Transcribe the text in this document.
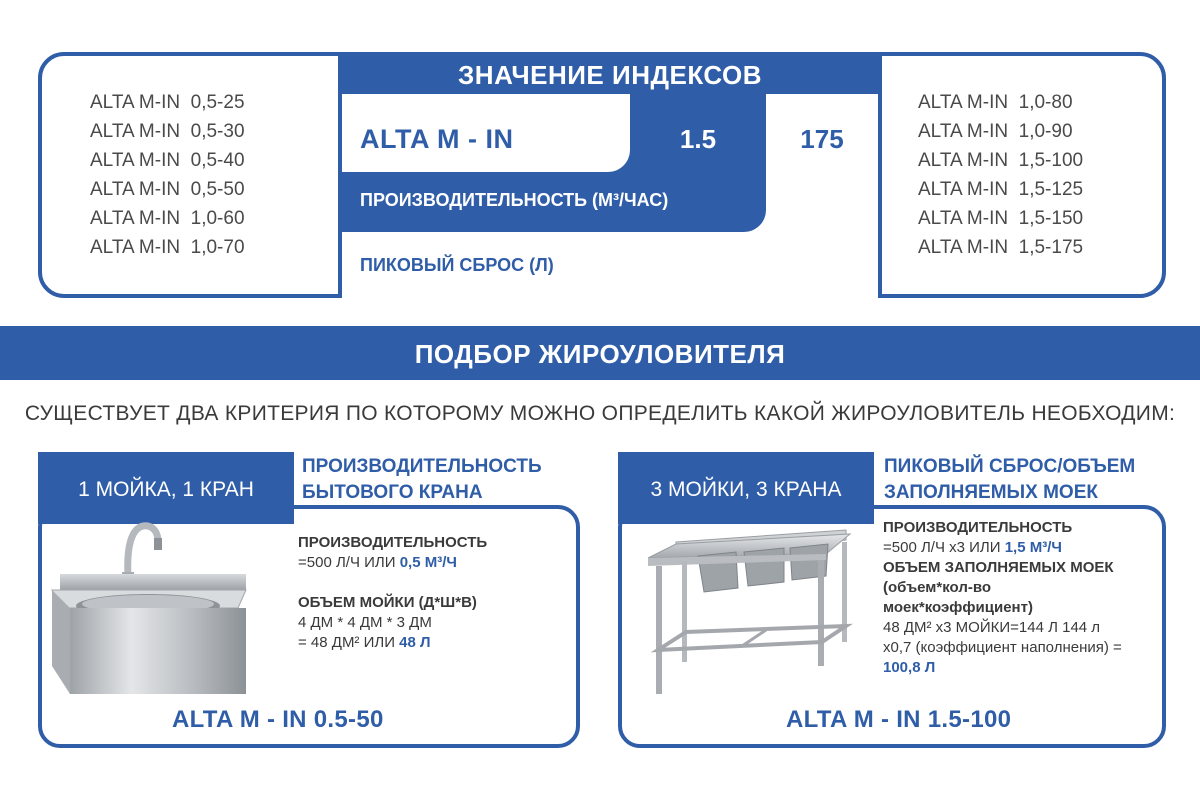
ALTA M-IN  0,5-25
ALTA M-IN  0,5-30
ALTA M-IN  0,5-40
ALTA M-IN  0,5-50
ALTA M-IN  1,0-60
ALTA M-IN  1,0-70
ЗНАЧЕНИЕ ИНДЕКСОВ
ALTA M - IN	1.5	175
ПРОИЗВОДИТЕЛЬНОСТЬ (М³/ЧАС)
ПИКОВЫЙ СБРОС (Л)
ALTA M-IN  1,0-80
ALTA M-IN  1,0-90
ALTA M-IN  1,5-100
ALTA M-IN  1,5-125
ALTA M-IN  1,5-150
ALTA M-IN  1,5-175
ПОДБОР ЖИРОУЛОВИТЕЛЯ
СУЩЕСТВУЕТ ДВА КРИТЕРИЯ ПО КОТОРОМУ МОЖНО ОПРЕДЕЛИТЬ КАКОЙ ЖИРОУЛОВИТЕЛЬ НЕОБХОДИМ:
1 МОЙКА, 1 КРАН
ПРОИЗВОДИТЕЛЬНОСТЬ
БЫТОВОГО КРАНА
ПРОИЗВОДИТЕЛЬНОСТЬ
=500 Л/Ч ИЛИ 0,5 М³/Ч
ОБЪЕМ МОЙКИ (Д*Ш*В)
4 ДМ * 4 ДМ * 3 ДМ
= 48 ДМ² ИЛИ 48 Л
ALTA M - IN 0.5-50
3 МОЙКИ, 3 КРАНА
ПИКОВЫЙ СБРОС/ОБЪЕМ
ЗАПОЛНЯЕМЫХ МОЕК
ПРОИЗВОДИТЕЛЬНОСТЬ
=500 Л/Ч х3 ИЛИ 1,5 М³/Ч
ОБЪЕМ ЗАПОЛНЯЕМЫХ МОЕК
(объем*кол-во
моек*коэффициент)
48 ДМ² х3 МОЙКИ=144 Л 144 л
х0,7 (коэффициент наполнения) =
100,8 Л
ALTA M - IN 1.5-100
